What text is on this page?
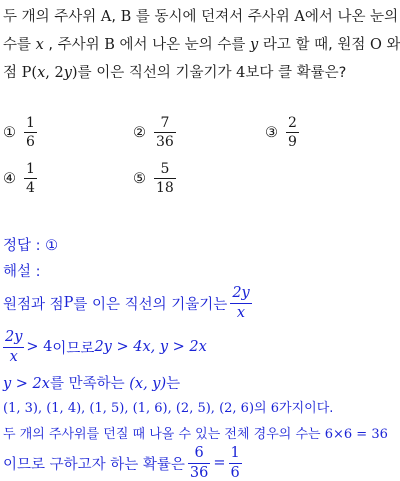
두 개의 주사위 A, B 를 동시에 던져서 주사위 A에서 나온 눈의
수를 x , 주사위 B 에서 나온 눈의 수를 y 라고 할 때, 원점 O 와
점 P(x, 2y)를 이은 직선의 기울기가 4보다 클 확률은?
① $\frac{1}{6}$	② $\frac{7}{36}$	③ $\frac{2}{9}$
④ $\frac{1}{4}$	⑤ $\frac{5}{18}$
정답 : ①
해설 :
원점과 점 P 를 이은 직선의 기울기는 $\frac{2y}{x}$
$\frac{2y}{x} > 4$ 이므로 2y > 4x, y > 2x
y > 2x를 만족하는 (x, y)는
(1, 3), (1, 4), (1, 5), (1, 6), (2, 5), (2, 6)의 6가지이다.
두 개의 주사위를 던질 때 나올 수 있는 전체 경우의 수는 6×6 = 36
이므로 구하고자 하는 확률은 $\frac{6}{36} = \frac{1}{6}$
